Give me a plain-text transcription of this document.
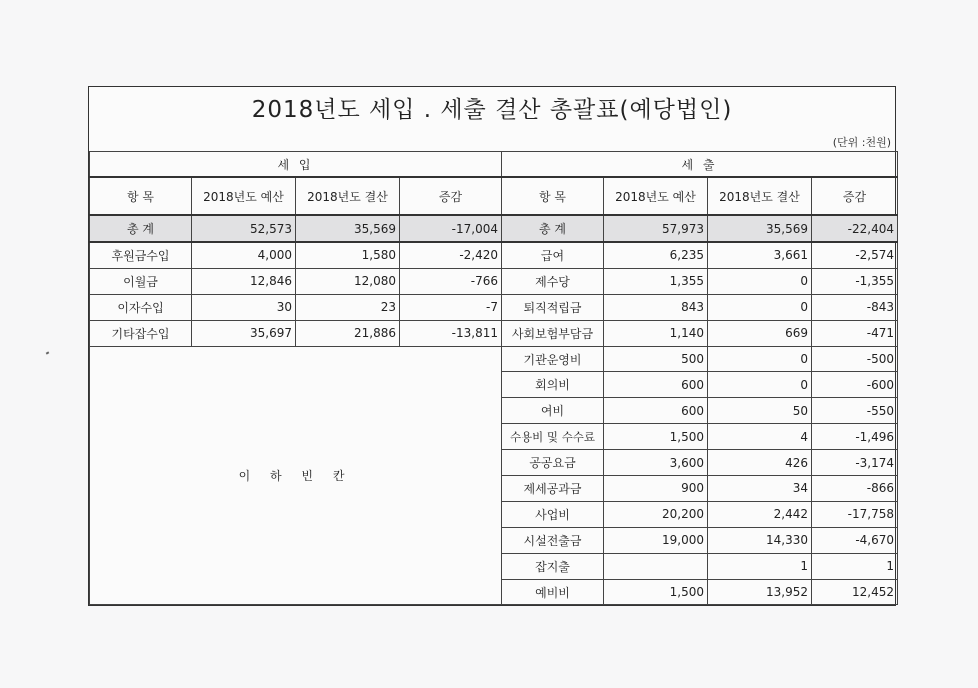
2018년도 세입 . 세출 결산 총괄표(예당법인)
(단위 :천원)
세 입				세 출			
항 목	2018년도 예산	2018년도 결산	증감	항 목	2018년도 예산	2018년도 결산	증감
총 계	52,573	35,569	-17,004	총 계	57,973	35,569	-22,404
후원금수입	4,000	1,580	-2,420	급여	6,235	3,661	-2,574
이월금	12,846	12,080	-766	제수당	1,355	0	-1,355
이자수입	30	23	-7	퇴직적립금	843	0	-843
기타잡수입	35,697	21,886	-13,811	사회보험부담금	1,140	669	-471
이 하 빈 칸				기관운영비	500	0	-500
				회의비	600	0	-600
				여비	600	50	-550
				수용비 및 수수료	1,500	4	-1,496
				공공요금	3,600	426	-3,174
				제세공과금	900	34	-866
				사업비	20,200	2,442	-17,758
				시설전출금	19,000	14,330	-4,670
				잡지출		1	1
				예비비	1,500	13,952	12,452
